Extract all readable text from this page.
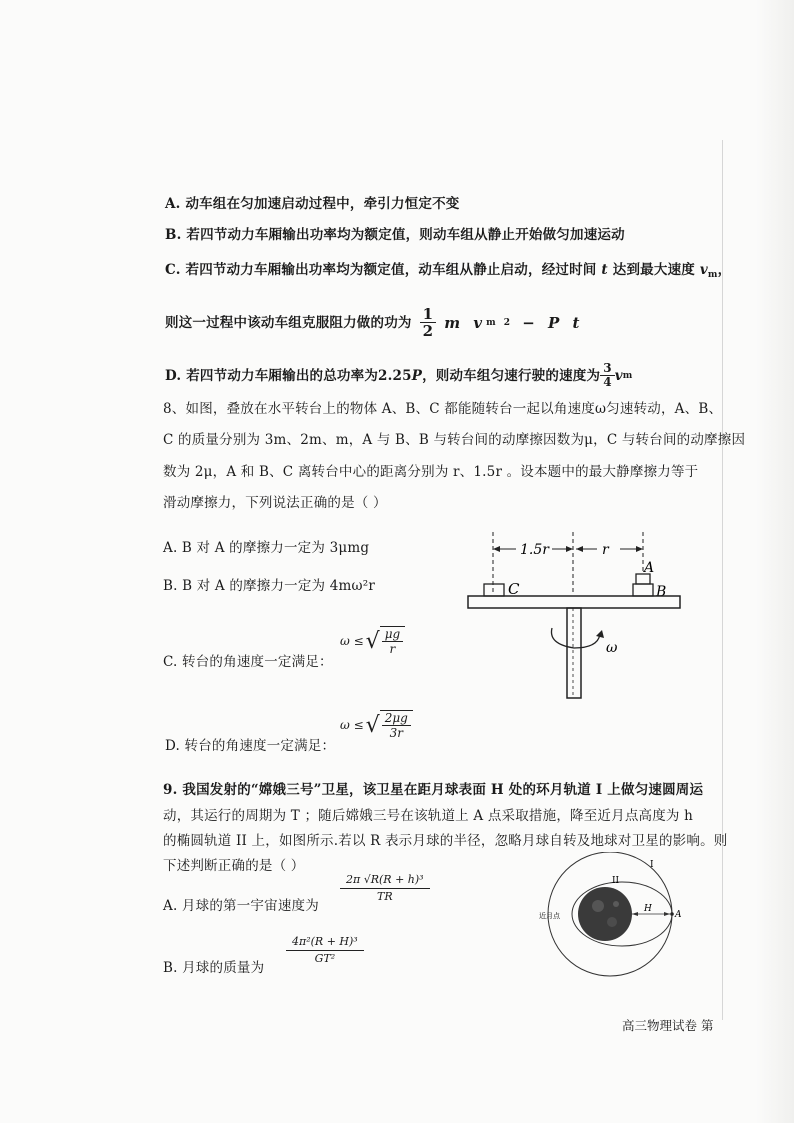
A. 动车组在匀加速启动过程中，牵引力恒定不变
B. 若四节动力车厢输出功率均为额定值，则动车组从静止开始做匀加速运动
C. 若四节动力车厢输出功率均为额定值，动车组从静止启动，经过时间 t 达到最大速度 $v_m$，
则这一过程中该动车组克服阻力做的功为 $\frac{1}{2}$ m v m 2 − P t
D. 若四节动力车厢输出的总功率为2.25 P ，则动车组匀速行驶的速度为 $\frac{3}{4}$ v m
8、如图，叠放在水平转台上的物体 A、B、C 都能随转台一起以角速度ω匀速转动，A、B、
C 的质量分别为 3m、2m、m，A 与 B、B 与转台间的动摩擦因数为μ，C 与转台间的动摩擦因
数为 2μ，A 和 B、C 离转台中心的距离分别为 r、1.5r 。设本题中的最大静摩擦力等于
滑动摩擦力，下列说法正确的是（ ）
A. B 对 A 的摩擦力一定为 3μmg
B. B 对 A 的摩擦力一定为 4mω²r
C. 转台的角速度一定满足：
ω ≤ √ $\frac{\mu g}{r}$
D. 转台的角速度一定满足：
ω ≤ √ $\frac{2\mu g}{3r}$
1.5r	r
C
A
B
ω
9. 我国发射的“嫦娥三号”卫星，该卫星在距月球表面 H 处的环月轨道 I 上做匀速圆周运
动，其运行的周期为 T ；随后嫦娥三号在该轨道上 A 点采取措施，降至近月点高度为 h
的椭圆轨道 II 上，如图所示.若以 R 表示月球的半径，忽略月球自转及地球对卫星的影响。则
下述判断正确的是（ ）
A. 月球的第一宇宙速度为
$\frac{\text{2π √R(R + h)³}}{TR}$
B. 月球的质量为
$\frac{\text{4π²(R + H)³}}{\text{GT²}}$
I
II
近月点
H
A
高三物理试卷 第
